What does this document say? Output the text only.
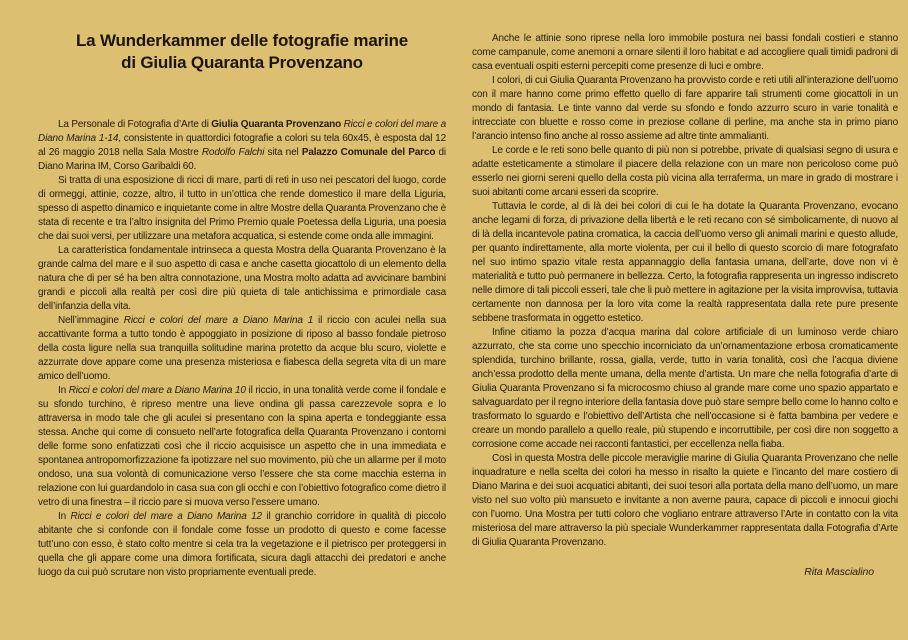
La Wunderkammer delle fotografie marine
di Giulia Quaranta Provenzano

La Personale di Fotografia d’Arte di Giulia Quaranta Provenzano Ricci e colori del mare a Diano Marina 1-14, consistente in quattordici fotografie a colori su tela 60x45, è esposta dal 12 al 26 maggio 2018 nella Sala Mostre Rodolfo Falchi sita nel Palazzo Comunale del Parco di Diano Marina IM, Corso Garibaldi 60.

Si tratta di una esposizione di ricci di mare, parti di reti in uso nei pescatori del luogo, corde di ormeggi, attinie, cozze, altro, il tutto in un’ottica che rende domestico il mare della Liguria, spesso di aspetto dinamico e inquietante come in altre Mostre della Quaranta Provenzano che è stata di recente e tra l’altro insignita del Primo Premio quale Poetessa della Liguria, una poesia che dai suoi versi, per utilizzare una metafora acquatica, si estende come onda alle immagini.

La caratteristica fondamentale intrinseca a questa Mostra della Quaranta Provenzano è la grande calma del mare e il suo aspetto di casa e anche casetta giocattolo di un elemento della natura che di per sé ha ben altra connotazione, una Mostra molto adatta ad avvicinare bambini grandi e piccoli alla realtà per così dire più quieta di tale antichissima e primordiale casa dell’infanzia della vita.

Nell’immagine Ricci e colori del mare a Diano Marina 1 il riccio con aculei nella sua accattivante forma a tutto tondo è appoggiato in posizione di riposo al basso fondale pietroso della costa ligure nella sua tranquilla solitudine marina protetto da acque blu scuro, violette e azzurrate dove appare come una presenza misteriosa e fiabesca della segreta vita di un mare amico dell’uomo.

In Ricci e colori del mare a Diano Marina 10 il riccio, in una tonalità verde come il fondale e su sfondo turchino, è ripreso mentre una lieve ondina gli passa carezzevole sopra e lo attraversa in modo tale che gli aculei si presentano con la spina aperta e tondeggiante essa stessa. Anche qui come di consueto nell’arte fotografica della Quaranta Provenzano i contorni delle forme sono enfatizzati così che il riccio acquisisce un aspetto che in una immediata e spontanea antropomorfizzazione fa ipotizzare nel suo movimento, più che un allarme per il moto ondoso, una sua volontà di comunicazione verso l’essere che sta come macchia esterna in relazione con lui guardandolo in casa sua con gli occhi e con l’obiettivo fotografico come dietro il vetro di una finestra – il riccio pare si muova verso l’essere umano.

In Ricci e colori del mare a Diano Marina 12 il granchio corridore in qualità di piccolo abitante che si confonde con il fondale come fosse un prodotto di questo e come facesse tutt’uno con esso, è stato colto mentre si cela tra la vegetazione e il pietrisco per proteggersi in quella che gli appare come una dimora fortificata, sicura dagli attacchi dei predatori e anche luogo da cui può scrutare non visto propriamente eventuali prede.

Anche le attinie sono riprese nella loro immobile postura nei bassi fondali costieri e stanno come campanule, come anemoni a ornare silenti il loro habitat e ad accogliere quali timidi padroni di casa eventuali ospiti esterni percepiti come presenze di luci e ombre.

I colori, di cui Giulia Quaranta Provenzano ha provvisto corde e reti utili all’interazione dell’uomo con il mare hanno come primo effetto quello di fare apparire tali strumenti come giocattoli in un mondo di fantasia. Le tinte vanno dal verde su sfondo e fondo azzurro scuro in varie tonalità e intrecciate con bluette e rosso come in preziose collane di perline, ma anche sta in primo piano l’arancio intenso fino anche al rosso assieme ad altre tinte ammalianti.

Le corde e le reti sono belle quanto di più non si potrebbe, private di qualsiasi segno di usura e adatte esteticamente a stimolare il piacere della relazione con un mare non pericoloso come può esserlo nei giorni sereni quello della costa più vicina alla terraferma, un mare in grado di mostrare i suoi abitanti come arcani esseri da scoprire.

Tuttavia le corde, al di là dei bei colori di cui le ha dotate la Quaranta Provenzano, evocano anche legami di forza, di privazione della libertà e le reti recano con sé simbolicamente, di nuovo al di là della incantevole patina cromatica, la caccia dell’uomo verso gli animali marini e questo allude, per quanto indirettamente, alla morte violenta, per cui il bello di questo scorcio di mare fotografato nel suo intimo spazio vitale resta appannaggio della fantasia umana, dell’arte, dove non vi è materialità e tutto può permanere in bellezza. Certo, la fotografia rappresenta un ingresso indiscreto nelle dimore di tali piccoli esseri, tale che li può mettere in agitazione per la visita improvvisa, tuttavia certamente non dannosa per la loro vita come la realtà rappresentata dalla rete pure presente sebbene trasformata in oggetto estetico.

Infine citiamo la pozza d’acqua marina dal colore artificiale di un luminoso verde chiaro azzurrato, che sta come uno specchio incorniciato da un’ornamentazione erbosa cromaticamente splendida, turchino brillante, rossa, gialla, verde, tutto in varia tonalità, così che l’acqua diviene anch’essa prodotto della mente umana, della mente d’artista. Un mare che nella fotografia d’arte di Giulia Quaranta Provenzano si fa microcosmo chiuso al grande mare come uno spazio appartato e salvaguardato per il regno interiore della fantasia dove può stare sempre bello come lo hanno colto e trasformato lo sguardo e l’obiettivo dell’Artista che nell’occasione si è fatta bambina per vedere e creare un mondo parallelo a quello reale, più stupendo e incorruttibile, per così dire non soggetto a corrosione come accade nei racconti fantastici, per eccellenza nella fiaba.

Così in questa Mostra delle piccole meraviglie marine di Giulia Quaranta Provenzano che nelle inquadrature e nella scelta dei colori ha messo in risalto la quiete e l’incanto del mare costiero di Diano Marina e dei suoi acquatici abitanti, dei suoi tesori alla portata della mano dell’uomo, un mare visto nel suo volto più mansueto e invitante a non averne paura, capace di piccoli e innocui giochi con l’uomo. Una Mostra per tutti coloro che vogliano entrare attraverso l’Arte in contatto con la vita misteriosa del mare attraverso la più speciale Wunderkammer rappresentata dalla Fotografia d’Arte di Giulia Quaranta Provenzano.

Rita Mascialino
